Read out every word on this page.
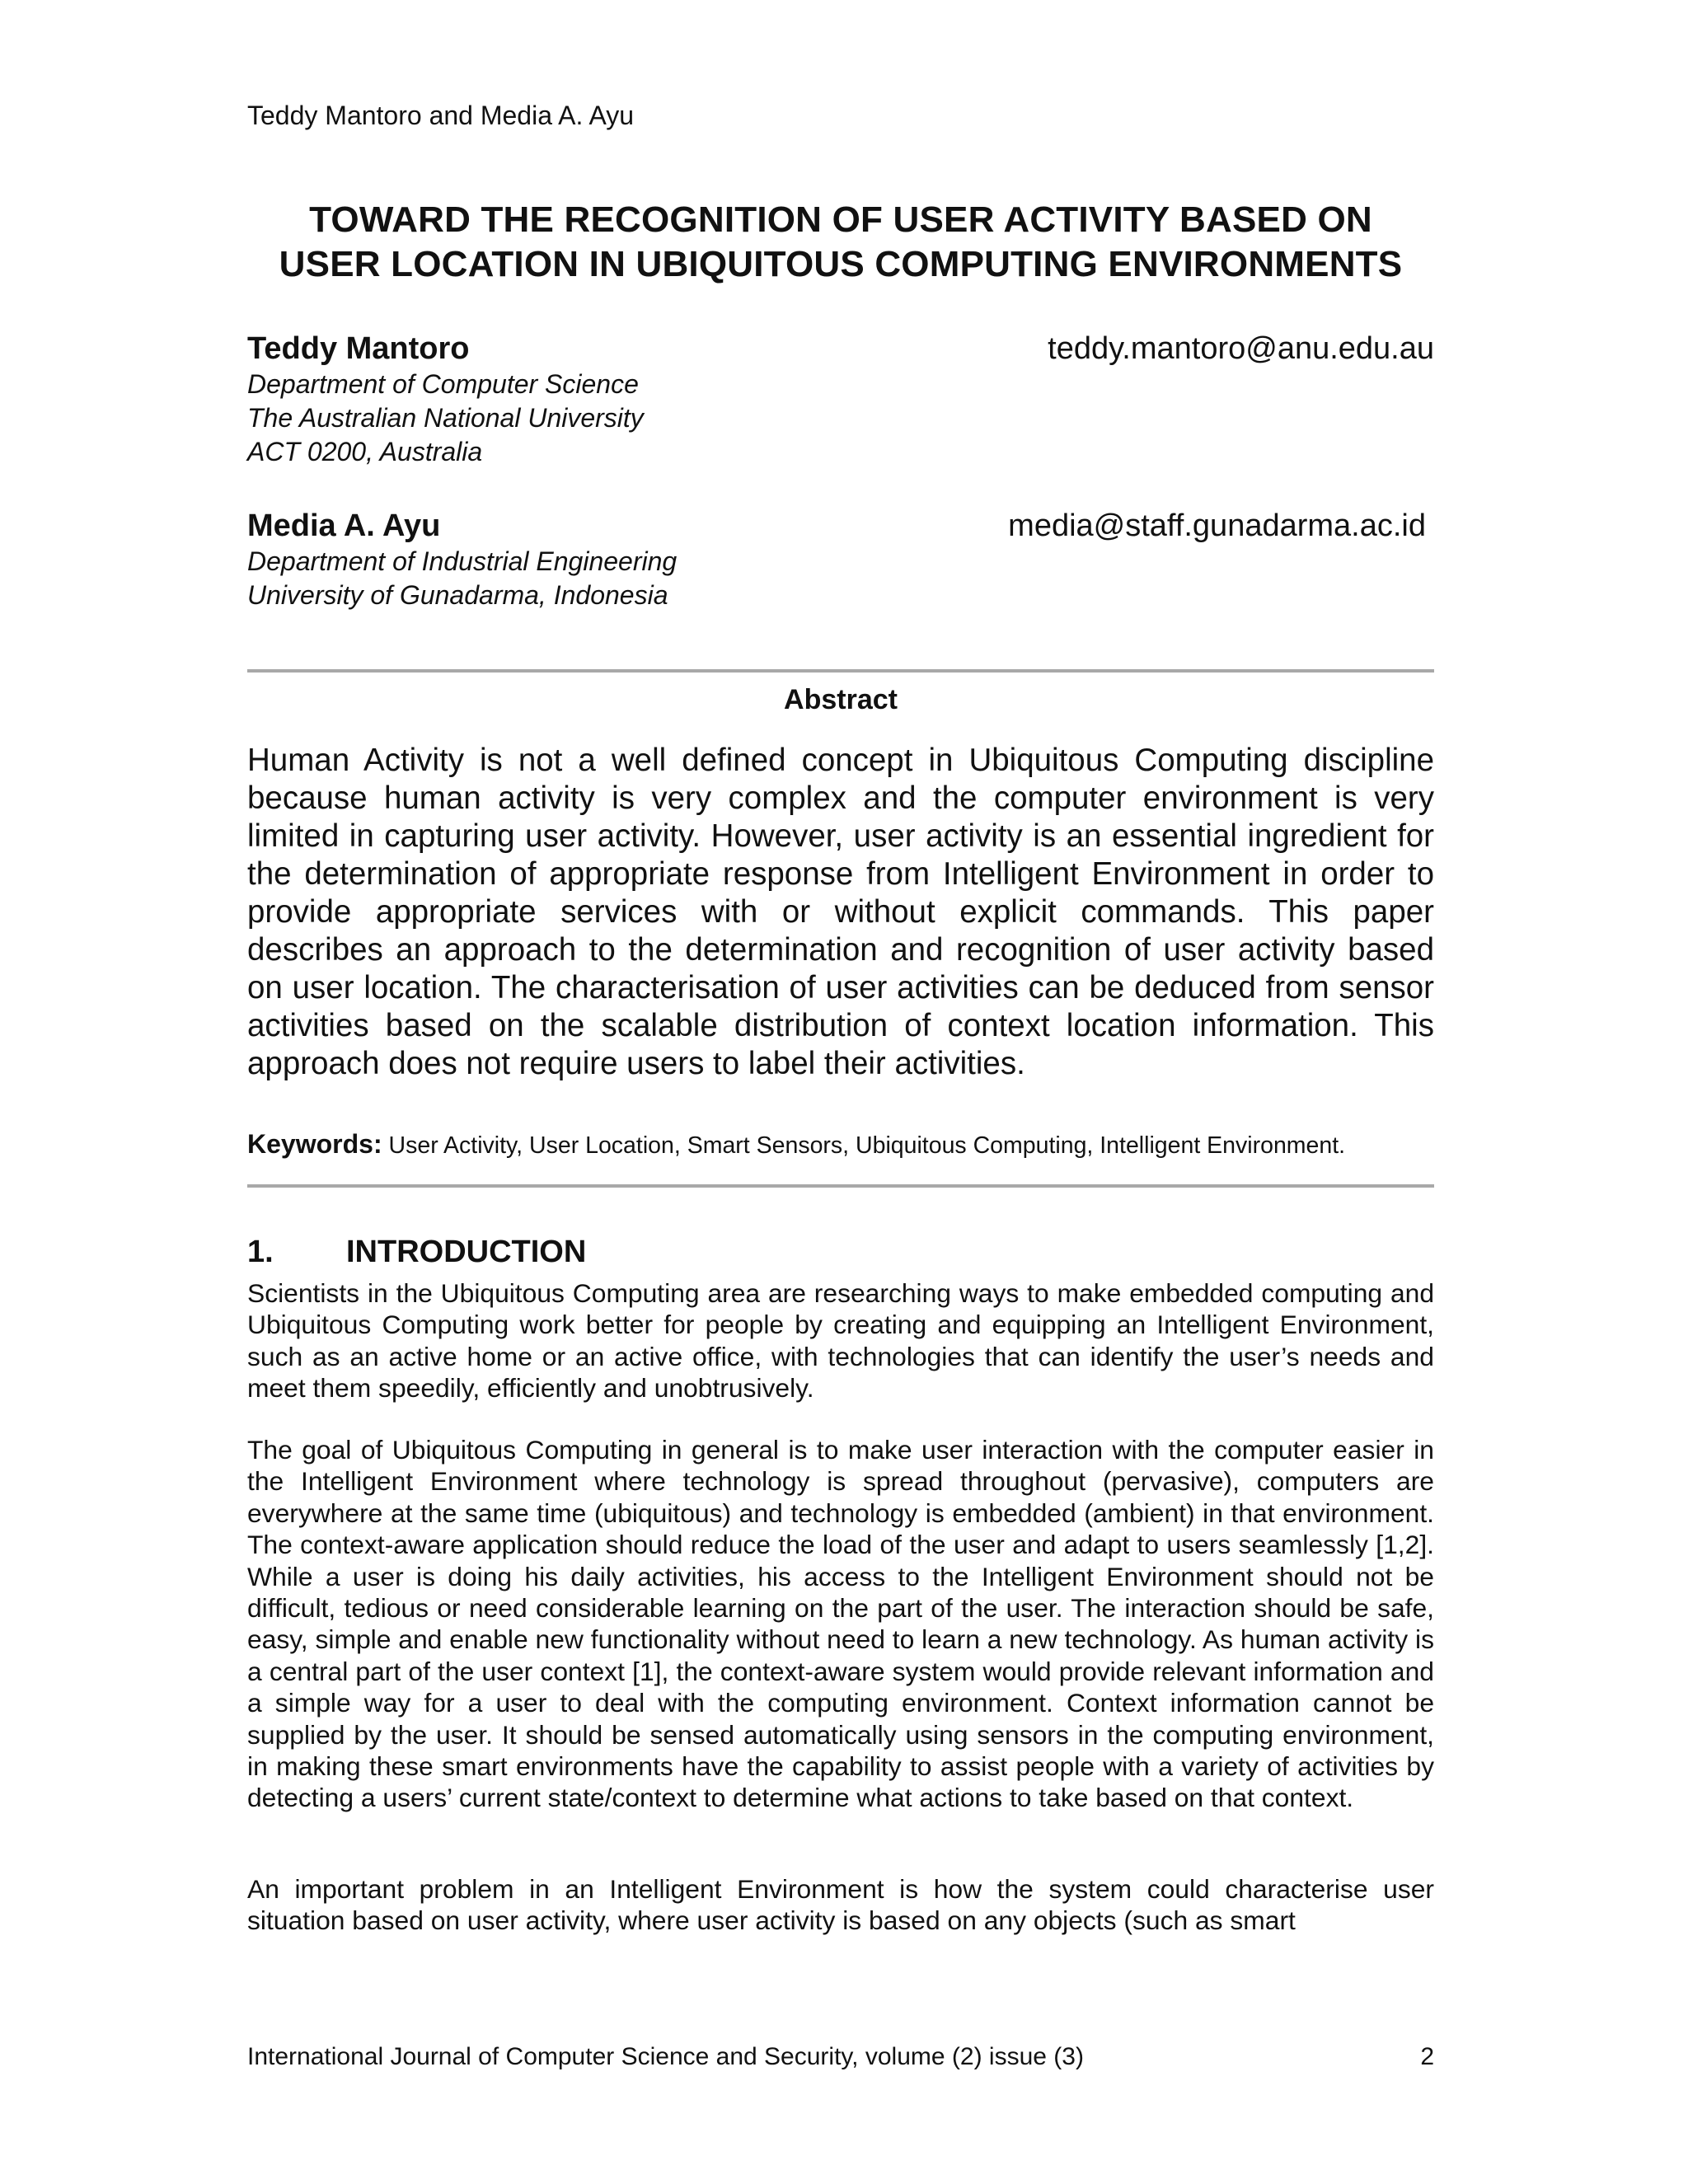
Teddy Mantoro and Media A. Ayu
TOWARD THE RECOGNITION OF USER ACTIVITY BASED ON
USER LOCATION IN UBIQUITOUS COMPUTING ENVIRONMENTS
Teddy Mantoro	teddy.mantoro@anu.edu.au
Department of Computer Science
The Australian National University
ACT 0200, Australia
Media A. Ayu	media@staff.gunadarma.ac.id
Department of Industrial Engineering
University of Gunadarma, Indonesia
Abstract
Human Activity is not a well defined concept in Ubiquitous Computing discipline because human activity is very complex and the computer environment is very limited in capturing user activity. However, user activity is an essential ingredient for the determination of appropriate response from Intelligent Environment in order to provide appropriate services with or without explicit commands. This paper describes an approach to the determination and recognition of user activity based on user location. The characterisation of user activities can be deduced from sensor activities based on the scalable distribution of context location information. This approach does not require users to label their activities.
Keywords: User Activity, User Location, Smart Sensors, Ubiquitous Computing, Intelligent Environment.
1. INTRODUCTION
Scientists in the Ubiquitous Computing area are researching ways to make embedded computing and Ubiquitous Computing work better for people by creating and equipping an Intelligent Environment, such as an active home or an active office, with technologies that can identify the user’s needs and meet them speedily, efficiently and unobtrusively.
The goal of Ubiquitous Computing in general is to make user interaction with the computer easier in the Intelligent Environment where technology is spread throughout (pervasive), computers are everywhere at the same time (ubiquitous) and technology is embedded (ambient) in that environment. The context-aware application should reduce the load of the user and adapt to users seamlessly [1,2]. While a user is doing his daily activities, his access to the Intelligent Environment should not be difficult, tedious or need considerable learning on the part of the user. The interaction should be safe, easy, simple and enable new functionality without need to learn a new technology. As human activity is a central part of the user context [1], the context-aware system would provide relevant information and a simple way for a user to deal with the computing environment. Context information cannot be supplied by the user. It should be sensed automatically using sensors in the computing environment, in making these smart environments have the capability to assist people with a variety of activities by detecting a users’ current state/context to determine what actions to take based on that context.
An important problem in an Intelligent Environment is how the system could characterise user situation based on user activity, where user activity is based on any objects (such as smart
International Journal of Computer Science and Security, volume (2) issue (3)	2
